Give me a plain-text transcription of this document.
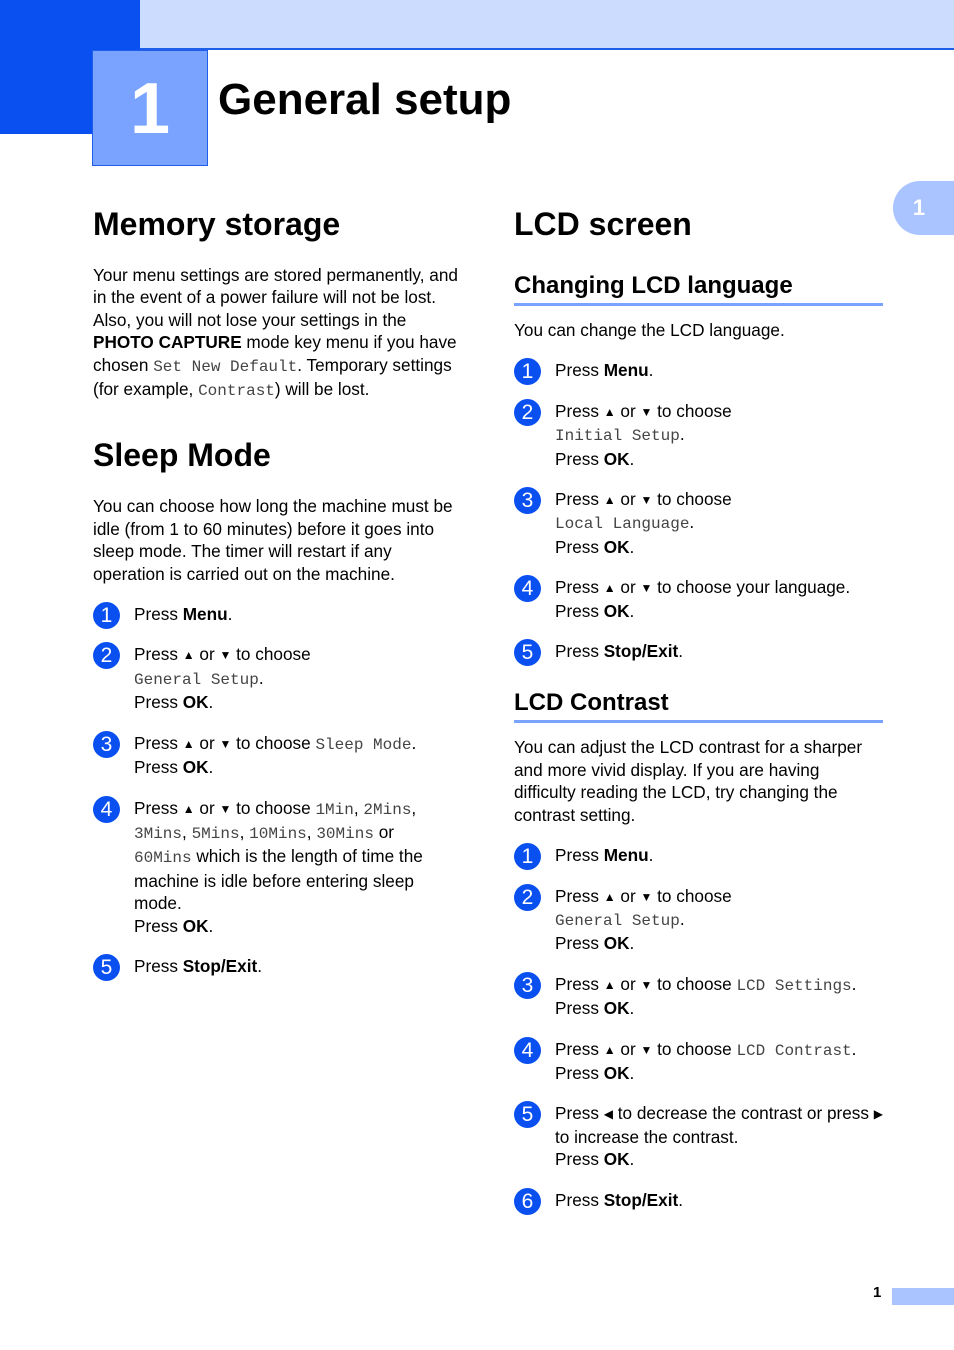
1	General setup
1
Memory storage

Your menu settings are stored permanently, and in the event of a power failure will not be lost. Also, you will not lose your settings in the PHOTO CAPTURE mode key menu if you have chosen Set New Default. Temporary settings (for example, Contrast) will be lost.

Sleep Mode

You can choose how long the machine must be idle (from 1 to 60 minutes) before it goes into sleep mode. The timer will restart if any operation is carried out on the machine.

1	Press Menu.
2	Press ▲ or ▼ to choose
General Setup.
Press OK.
3	Press ▲ or ▼ to choose Sleep Mode.
Press OK.
4	Press ▲ or ▼ to choose 1Min, 2Mins,
3Mins, 5Mins, 10Mins, 30Mins or
60Mins which is the length of time the machine is idle before entering sleep mode.
Press OK.
5	Press Stop/Exit.
LCD screen
Changing LCD language

You can change the LCD language.

1	Press Menu.
2	Press ▲ or ▼ to choose
Initial Setup.
Press OK.
3	Press ▲ or ▼ to choose
Local Language.
Press OK.
4	Press ▲ or ▼ to choose your language.
Press OK.
5	Press Stop/Exit.
LCD Contrast

You can adjust the LCD contrast for a sharper and more vivid display. If you are having difficulty reading the LCD, try changing the contrast setting.

1	Press Menu.
2	Press ▲ or ▼ to choose
General Setup.
Press OK.
3	Press ▲ or ▼ to choose LCD Settings.
Press OK.
4	Press ▲ or ▼ to choose LCD Contrast.
Press OK.
5	Press ◀ to decrease the contrast or press ▶ to increase the contrast.
Press OK.
6	Press Stop/Exit.
1
